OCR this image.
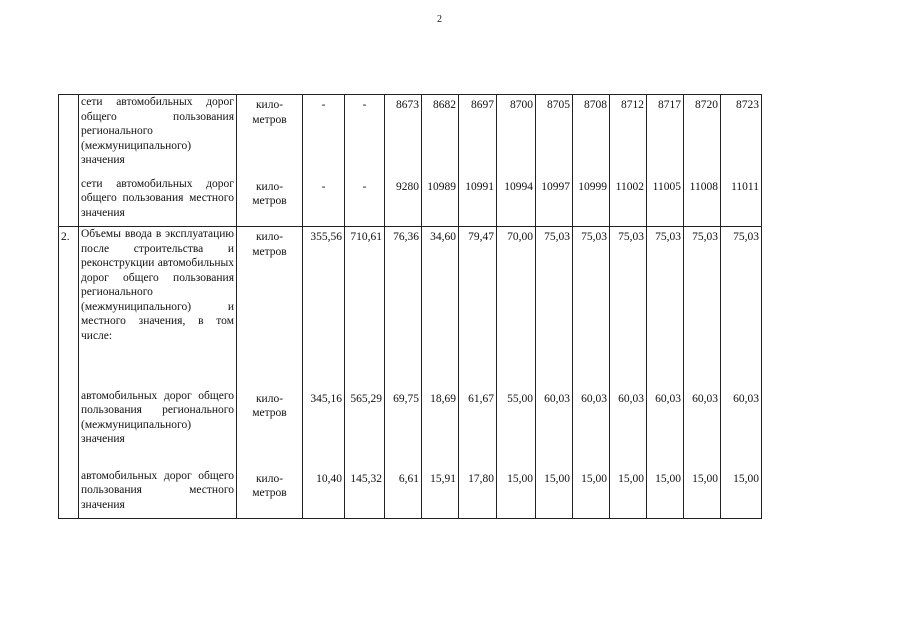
2
	сети автомобильных дорог общего пользования регионального (межмуниципального) значения	кило-метров	-	-	8673	8682	8697	8700	8705	8708	8712	8717	8720	8723
	сети автомобильных дорог общего пользования местного значения	кило-метров	-	-	9280	10989	10991	10994	10997	10999	11002	11005	11008	11011
2.	Объемы ввода в эксплуатацию после строительства и реконструкции автомобильных дорог общего пользования регионального (межмуниципального) и местного значения, в том числе:	кило-метров	355,56	710,61	76,36	34,60	79,47	70,00	75,03	75,03	75,03	75,03	75,03	75,03
	автомобильных дорог общего пользования регионального (межмуниципального) значения	кило-метров	345,16	565,29	69,75	18,69	61,67	55,00	60,03	60,03	60,03	60,03	60,03	60,03
	автомобильных дорог общего пользования местного значения	кило-метров	10,40	145,32	6,61	15,91	17,80	15,00	15,00	15,00	15,00	15,00	15,00	15,00
